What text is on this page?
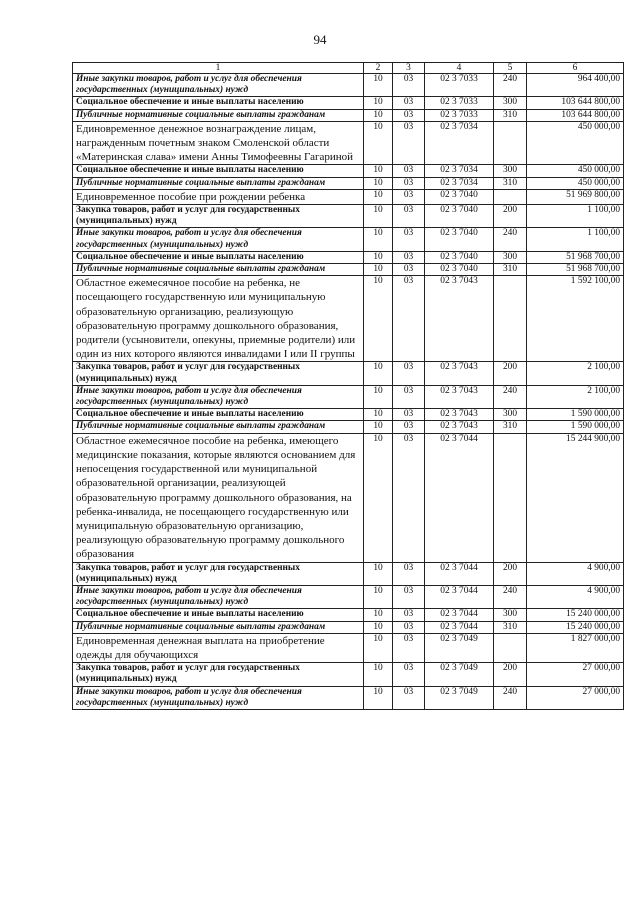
94
1	2	3	4	5	6
Иные закупки товаров, работ и услуг для обеспечения государственных (муниципальных) нужд	10	03	02 3 7033	240	964 400,00
Социальное обеспечение и иные выплаты населению	10	03	02 3 7033	300	103 644 800,00
Публичные нормативные социальные выплаты гражданам	10	03	02 3 7033	310	103 644 800,00
Единовременное денежное вознаграждение лицам, награжденным почетным знаком Смоленской области «Материнская слава» имени Анны Тимофеевны Гагариной	10	03	02 3 7034		450 000,00
Социальное обеспечение и иные выплаты населению	10	03	02 3 7034	300	450 000,00
Публичные нормативные социальные выплаты гражданам	10	03	02 3 7034	310	450 000,00
Единовременное пособие при рождении ребенка	10	03	02 3 7040		51 969 800,00
Закупка товаров, работ и услуг для государственных (муниципальных) нужд	10	03	02 3 7040	200	1 100,00
Иные закупки товаров, работ и услуг для обеспечения государственных (муниципальных) нужд	10	03	02 3 7040	240	1 100,00
Социальное обеспечение и иные выплаты населению	10	03	02 3 7040	300	51 968 700,00
Публичные нормативные социальные выплаты гражданам	10	03	02 3 7040	310	51 968 700,00
Областное ежемесячное пособие на ребенка, не посещающего государственную или муниципальную образовательную организацию, реализующую образовательную программу дошкольного образования, родители (усыновители, опекуны, приемные родители) или один из них которого являются инвалидами I или II группы	10	03	02 3 7043		1 592 100,00
Закупка товаров, работ и услуг для государственных (муниципальных) нужд	10	03	02 3 7043	200	2 100,00
Иные закупки товаров, работ и услуг для обеспечения государственных (муниципальных) нужд	10	03	02 3 7043	240	2 100,00
Социальное обеспечение и иные выплаты населению	10	03	02 3 7043	300	1 590 000,00
Публичные нормативные социальные выплаты гражданам	10	03	02 3 7043	310	1 590 000,00
Областное ежемесячное пособие на ребенка, имеющего медицинские показания, которые являются основанием для непосещения государственной или муниципальной образовательной организации, реализующей образовательную программу дошкольного образования, на ребенка-инвалида, не посещающего государственную или муниципальную образовательную организацию, реализующую образовательную программу дошкольного образования	10	03	02 3 7044		15 244 900,00
Закупка товаров, работ и услуг для государственных (муниципальных) нужд	10	03	02 3 7044	200	4 900,00
Иные закупки товаров, работ и услуг для обеспечения государственных (муниципальных) нужд	10	03	02 3 7044	240	4 900,00
Социальное обеспечение и иные выплаты населению	10	03	02 3 7044	300	15 240 000,00
Публичные нормативные социальные выплаты гражданам	10	03	02 3 7044	310	15 240 000,00
Единовременная денежная выплата на приобретение одежды для обучающихся	10	03	02 3 7049		1 827 000,00
Закупка товаров, работ и услуг для государственных (муниципальных) нужд	10	03	02 3 7049	200	27 000,00
Иные закупки товаров, работ и услуг для обеспечения государственных (муниципальных) нужд	10	03	02 3 7049	240	27 000,00
